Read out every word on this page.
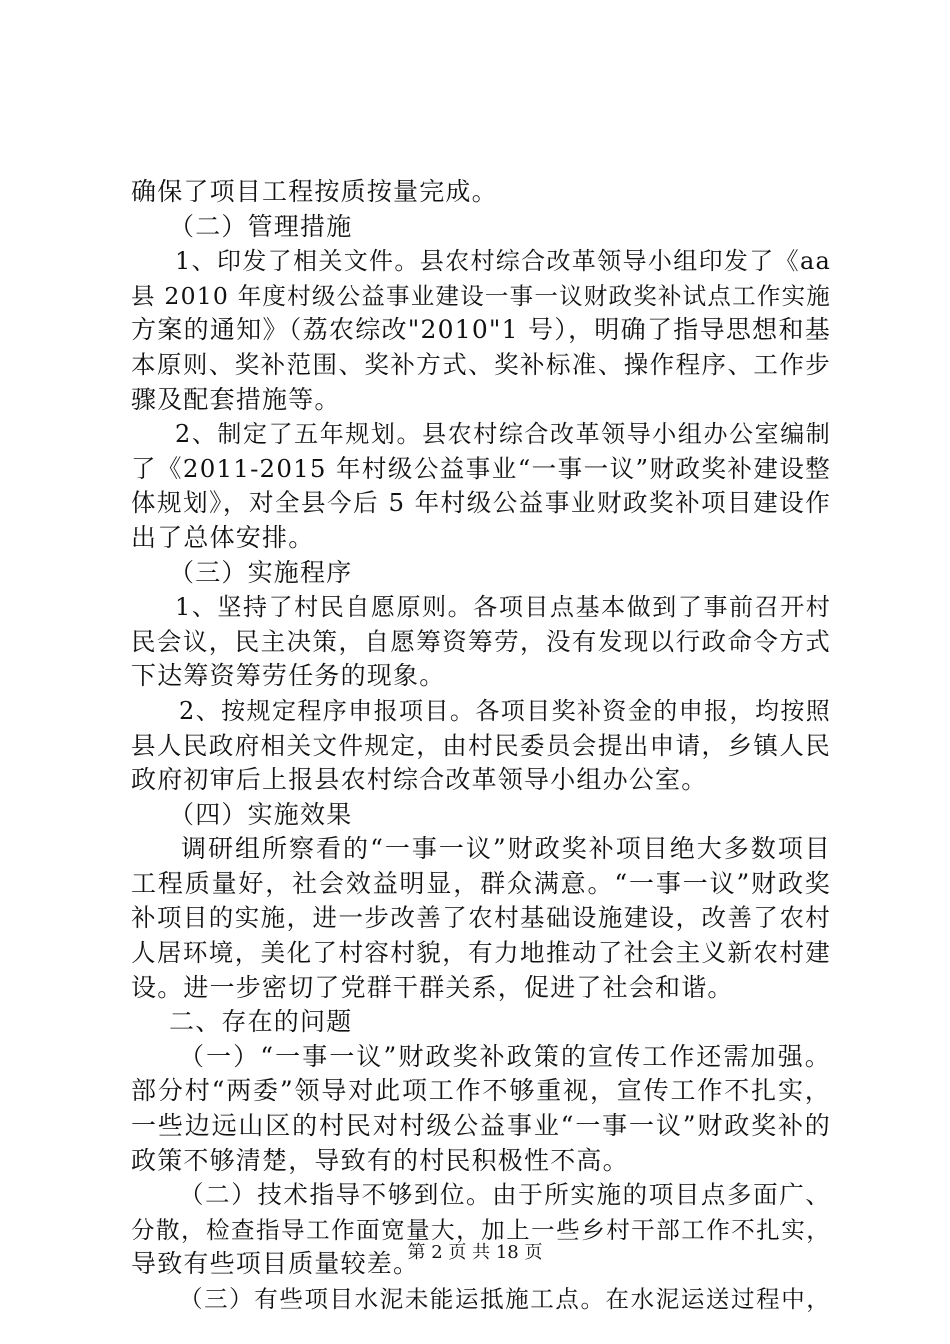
确保了项目工程按质按量完成。
（二）管理措施
1、印发了相关文件。县农村综合改革领导小组印发了《aa
县 2010 年度村级公益事业建设一事一议财政奖补试点工作实施
方案的通知》（荔农综改"2010"1 号），明确了指导思想和基
本原则、奖补范围、奖补方式、奖补标准、操作程序、工作步
骤及配套措施等。
2、制定了五年规划。县农村综合改革领导小组办公室编制
了《2011-2015 年村级公益事业“一事一议”财政奖补建设整
体规划》，对全县今后 5 年村级公益事业财政奖补项目建设作
出了总体安排。
（三）实施程序
1、坚持了村民自愿原则。各项目点基本做到了事前召开村
民会议，民主决策，自愿筹资筹劳，没有发现以行政命令方式
下达筹资筹劳任务的现象。
2、按规定程序申报项目。各项目奖补资金的申报，均按照
县人民政府相关文件规定，由村民委员会提出申请，乡镇人民
政府初审后上报县农村综合改革领导小组办公室。
（四）实施效果
调研组所察看的“一事一议”财政奖补项目绝大多数项目
工程质量好，社会效益明显，群众满意。“一事一议”财政奖
补项目的实施，进一步改善了农村基础设施建设，改善了农村
人居环境，美化了村容村貌，有力地推动了社会主义新农村建
设。进一步密切了党群干群关系，促进了社会和谐。
二、存在的问题
（一）“一事一议”财政奖补政策的宣传工作还需加强。
部分村“两委”领导对此项工作不够重视，宣传工作不扎实，
一些边远山区的村民对村级公益事业“一事一议”财政奖补的
政策不够清楚，导致有的村民积极性不高。
（二）技术指导不够到位。由于所实施的项目点多面广、
分散，检查指导工作面宽量大，加上一些乡村干部工作不扎实，
导致有些项目质量较差。
（三）有些项目水泥未能运抵施工点。在水泥运送过程中，
第 2 页 共 18 页
